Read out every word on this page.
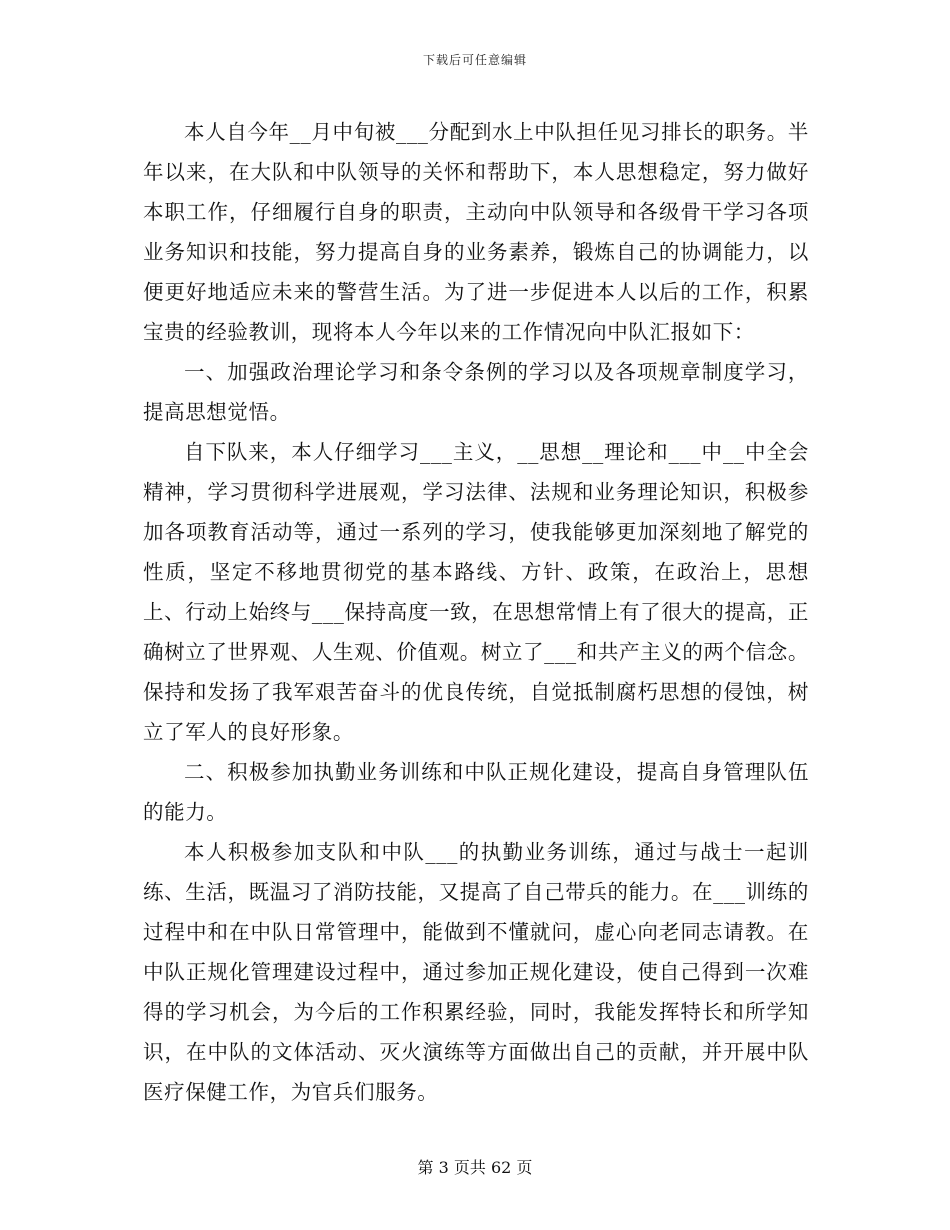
下载后可任意编辑

本人自今年__月中旬被___分配到水上中队担任见习排长的职务。半年以来，在大队和中队领导的关怀和帮助下，本人思想稳定，努力做好本职工作，仔细履行自身的职责，主动向中队领导和各级骨干学习各项业务知识和技能，努力提高自身的业务素养，锻炼自己的协调能力，以便更好地适应未来的警营生活。为了进一步促进本人以后的工作，积累宝贵的经验教训，现将本人今年以来的工作情况向中队汇报如下：

一、加强政治理论学习和条令条例的学习以及各项规章制度学习，提高思想觉悟。

自下队来，本人仔细学习___主义，__思想__理论和___中__中全会精神，学习贯彻科学进展观，学习法律、法规和业务理论知识，积极参加各项教育活动等，通过一系列的学习，使我能够更加深刻地了解党的性质，坚定不移地贯彻党的基本路线、方针、政策，在政治上，思想上、行动上始终与___保持高度一致，在思想常情上有了很大的提高，正确树立了世界观、人生观、价值观。树立了___和共产主义的两个信念。保持和发扬了我军艰苦奋斗的优良传统，自觉抵制腐朽思想的侵蚀，树立了军人的良好形象。

二、积极参加执勤业务训练和中队正规化建设，提高自身管理队伍的能力。

本人积极参加支队和中队___的执勤业务训练，通过与战士一起训练、生活，既温习了消防技能，又提高了自己带兵的能力。在___训练的过程中和在中队日常管理中，能做到不懂就问，虚心向老同志请教。在中队正规化管理建设过程中，通过参加正规化建设，使自己得到一次难得的学习机会，为今后的工作积累经验，同时，我能发挥特长和所学知识，在中队的文体活动、灭火演练等方面做出自己的贡献，并开展中队医疗保健工作，为官兵们服务。

第 3 页共 62 页
